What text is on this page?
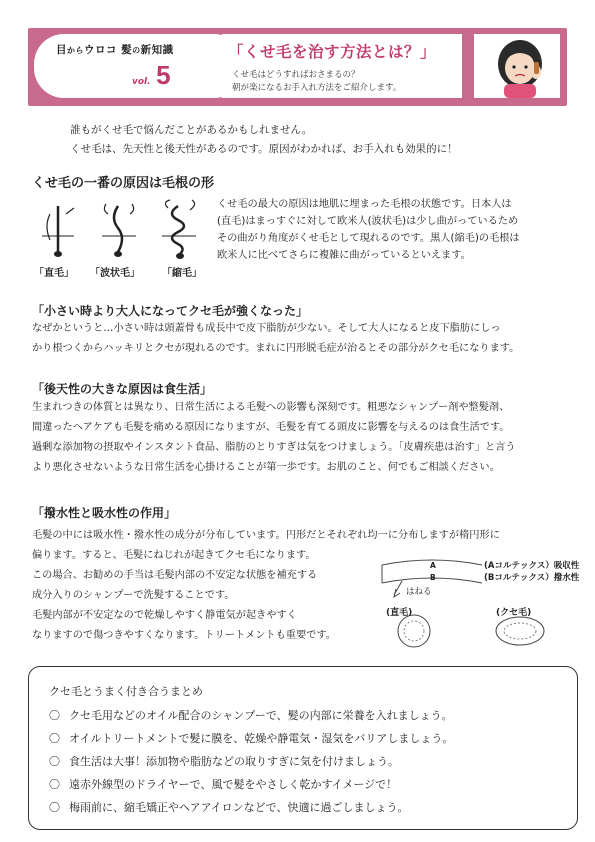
目からウロコ 髪の新知識
vol. 5
「くせ毛を治す方法とは？」
くせ毛はどうすればおさまるの？
朝が楽になるお手入れ方法をご紹介します。
誰もがくせ毛で悩んだことがあるかもしれません。
くせ毛は、先天性と後天性があるのです。原因がわかれば、お手入れも効果的に！
くせ毛の一番の原因は毛根の形
「直毛」 「波状毛」 「縮毛」
くせ毛の最大の原因は地肌に埋まった毛根の状態です。日本人は
(直毛)はまっすぐに対して欧米人(波状毛)は少し曲がっているため
その曲がり角度がくせ毛として現れるのです。黒人(縮毛)の毛根は
欧米人に比べてさらに複雑に曲がっているといえます。
「小さい時より大人になってクセ毛が強くなった」
なぜかというと…小さい時は頭蓋骨も成長中で皮下脂肪が少ない。そして大人になると皮下脂肪にしっ
かり根つくからハッキリとクセが現れるのです。まれに円形脱毛症が治るとその部分がクセ毛になります。
「後天性の大きな原因は食生活」
生まれつきの体質とは異なり、日常生活による毛髪への影響も深刻です。粗悪なシャンプー剤や整髪剤、
間違ったヘアケアも毛髪を痛める原因になりますが、毛髪を育てる頭皮に影響を与えるのは食生活です。
過剰な添加物の摂取やインスタント食品、脂肪のとりすぎは気をつけましょう。「皮膚疾患は治す」と言う
より悪化させないような日常生活を心掛けることが第一歩です。お肌のこと、何でもご相談ください。
「撥水性と吸水性の作用」
毛髪の中には吸水性・撥水性の成分が分布しています。円形だとそれぞれ均一に分布しますが楕円形に
偏ります。すると、毛髪にねじれが起きてクセ毛になります。
この場合、お勧めの手当は毛髪内部の不安定な状態を補充する
成分入りのシャンプーで洗髪することです。
毛髪内部が不安定なので乾燥しやすく静電気が起きやすく
なりますので傷つきやすくなります。トリートメントも重要です。
A
B
はねる
(Aコルテックス）吸収性
(Bコルテックス）撥水性
(直毛)	(クセ毛)
クセ毛とうまく付き合うまとめ
〇 クセ毛用などのオイル配合のシャンプーで、髪の内部に栄養を入れましょう。
〇 オイルトリートメントで髪に膜を、乾燥や静電気・湿気をバリアしましょう。
〇 食生活は大事！添加物や脂肪などの取りすぎに気を付けましょう。
〇 遠赤外線型のドライヤーで、風で髪をやさしく乾かすイメージで！
〇 梅雨前に、縮毛矯正やヘアアイロンなどで、快適に過ごしましょう。
